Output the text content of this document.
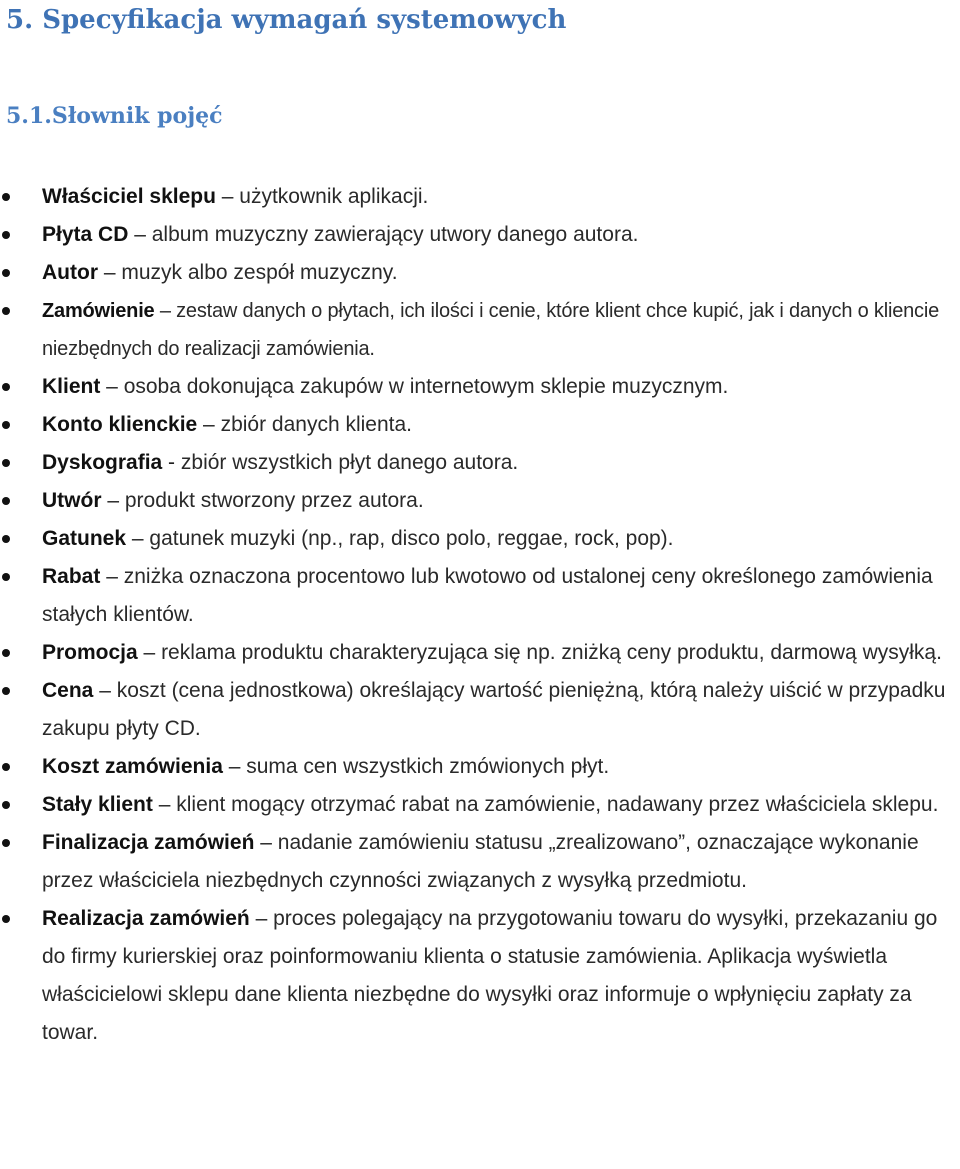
5. Specyfikacja wymagań systemowych
5.1.Słownik pojęć
Właściciel sklepu – użytkownik aplikacji.
Płyta CD – album muzyczny zawierający utwory danego autora.
Autor – muzyk albo zespół muzyczny.
Zamówienie – zestaw danych o płytach, ich ilości i cenie, które klient chce kupić, jak i danych o kliencie niezbędnych do realizacji zamówienia.
Klient – osoba dokonująca zakupów w internetowym sklepie muzycznym.
Konto klienckie – zbiór danych klienta.
Dyskografia - zbiór wszystkich płyt danego autora.
Utwór – produkt stworzony przez autora.
Gatunek – gatunek muzyki (np., rap, disco polo, reggae, rock, pop).
Rabat – zniżka oznaczona procentowo lub kwotowo od ustalonej ceny określonego zamówienia stałych klientów.
Promocja – reklama produktu charakteryzująca się np. zniżką ceny produktu, darmową wysyłką.
Cena – koszt (cena jednostkowa) określający wartość pieniężną, którą należy uiścić w przypadku zakupu płyty CD.
Koszt zamówienia – suma cen wszystkich zmówionych płyt.
Stały klient – klient mogący otrzymać rabat na zamówienie, nadawany przez właściciela sklepu.
Finalizacja zamówień – nadanie zamówieniu statusu „zrealizowano”, oznaczające wykonanie przez właściciela niezbędnych czynności związanych z wysyłką przedmiotu.
Realizacja zamówień – proces polegający na przygotowaniu towaru do wysyłki, przekazaniu go do firmy kurierskiej oraz poinformowaniu klienta o statusie zamówienia. Aplikacja wyświetla właścicielowi sklepu dane klienta niezbędne do wysyłki oraz informuje o wpłynięciu zapłaty za towar.
